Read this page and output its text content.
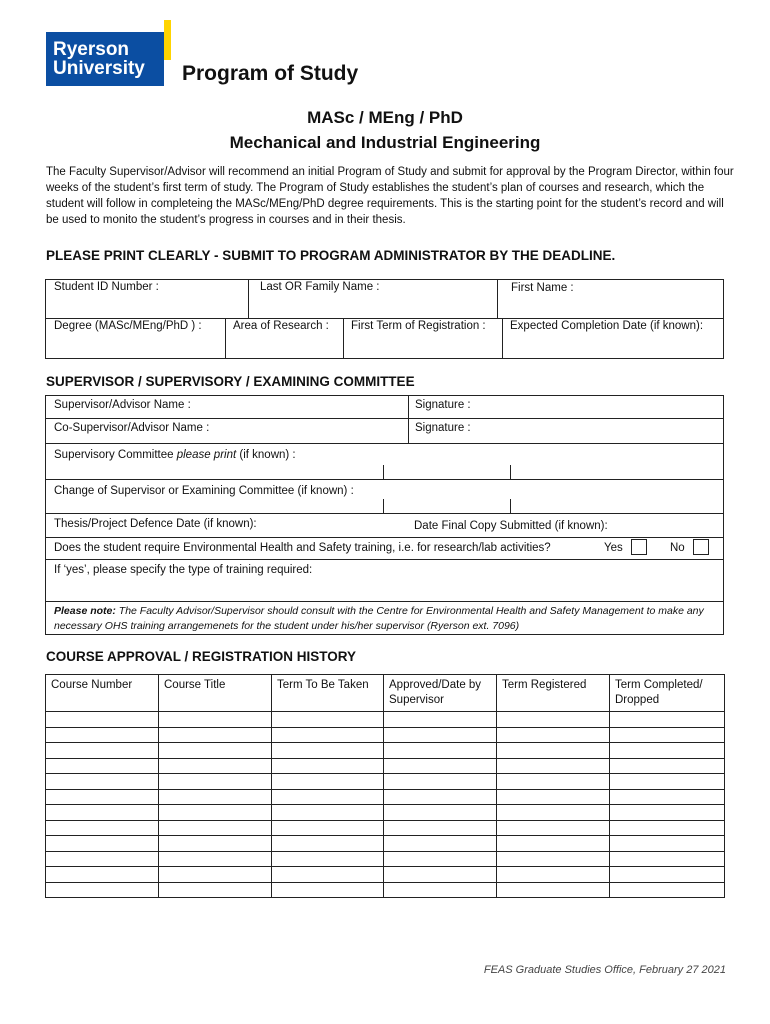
Ryerson
University Program of Study
MASc / MEng / PhD
Mechanical and Industrial Engineering
The Faculty Supervisor/Advisor will recommend an initial Program of Study and submit for approval by the Program Director, within four weeks of the student’s first term of study. The Program of Study establishes the student’s plan of courses and research, which the student will follow in completeing the MASc/MEng/PhD degree requirements. This is the starting point for the student’s record and will be used to monito the student’s progress in courses and in their thesis.
PLEASE PRINT CLEARLY - SUBMIT TO PROGRAM ADMINISTRATOR BY THE DEADLINE.
Student ID Number :	Last OR Family Name :	First Name :
Degree (MASc/MEng/PhD ) :	Area of Research : First Term of Registration : Expected Completion Date (if known):
SUPERVISOR / SUPERVISORY / EXAMINING COMMITTEE
Supervisor/Advisor Name :	Signature :
Co-Supervisor/Advisor Name :	Signature :
Supervisory Committee please print (if known) :
Change of Supervisor or Examining Committee (if known) :
Thesis/Project Defence Date (if known):	Date Final Copy Submitted (if known):
Does the student require Environmental Health and Safety training, i.e. for research/lab activities?	Yes	No
If ‘yes’, please specify the type of training required:
Please note: The Faculty Advisor/Supervisor should consult with the Centre for Environmental Health and Safety Management to make any necessary OHS training arrangemenets for the student under his/her supervisor (Ryerson ext. 7096)
COURSE APPROVAL / REGISTRATION HISTORY
Course Number	Course Title	Term To Be Taken	Approved/Date by Supervisor	Term Registered	Term Completed/ Dropped

FEAS Graduate Studies Office, February 27 2021
